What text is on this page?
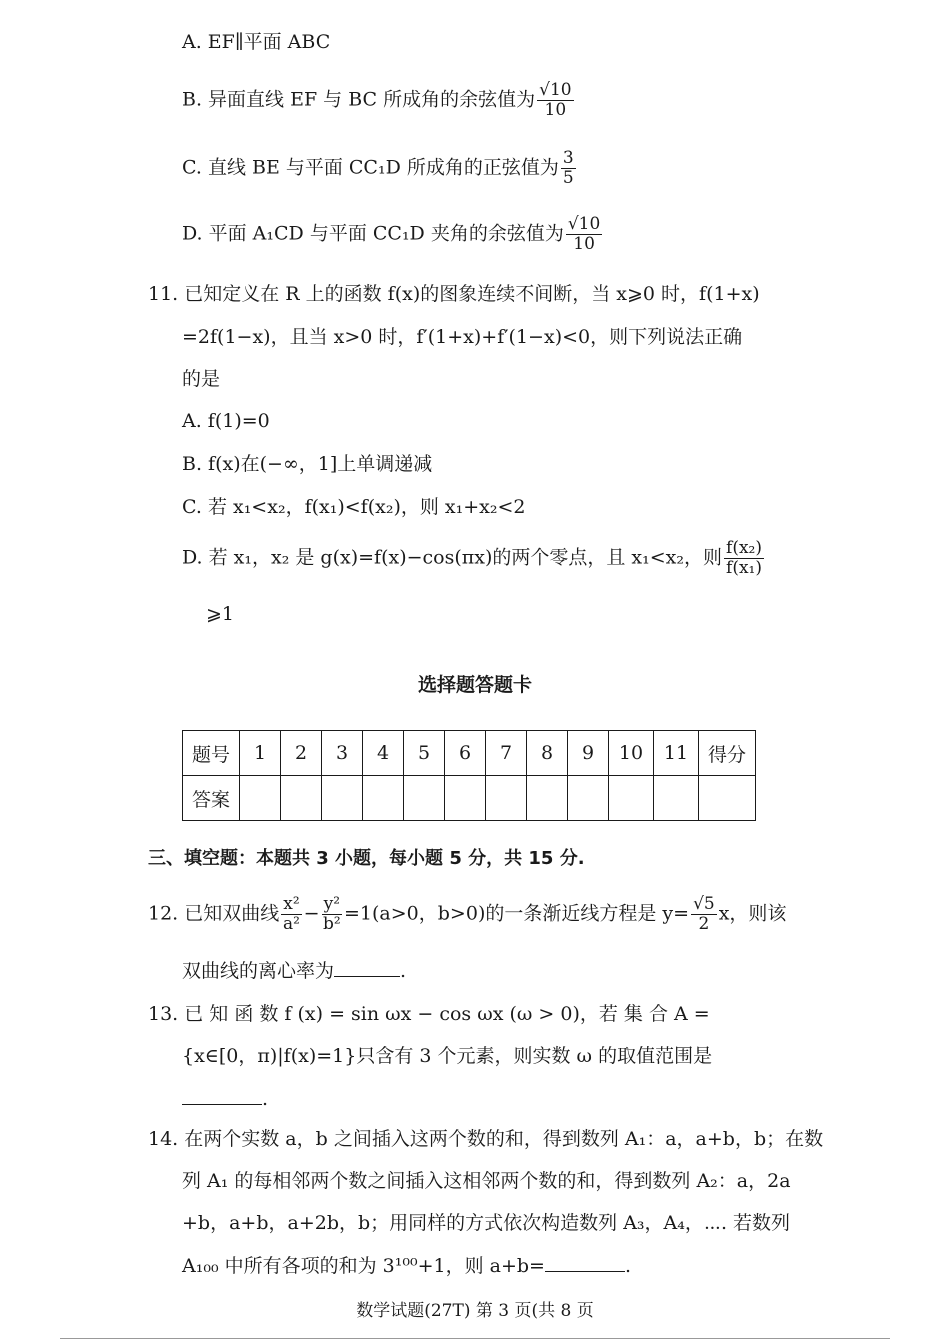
A. EF∥平面 ABC
B. 异面直线 EF 与 BC 所成角的余弦值为 $\frac{√10}{10}$
C. 直线 BE 与平面 CC₁D 所成角的正弦值为 $\frac{3}{5}$
D. 平面 A₁CD 与平面 CC₁D 夹角的余弦值为 $\frac{√10}{10}$
11. 已知定义在 R 上的函数 f(x)的图象连续不间断，当 x⩾0 时，f(1+x)
=2f(1−x)，且当 x>0 时，f′(1+x)+f′(1−x)<0，则下列说法正确
的是
A. f(1)=0
B. f(x)在(−∞，1]上单调递减
C. 若 x₁<x₂，f(x₁)<f(x₂)，则 x₁+x₂<2
D. 若 x₁，x₂ 是 g(x)=f(x)−cos(πx)的两个零点，且 x₁<x₂，则 $\frac{\text{f(x₂)}}{\text{f(x₁)}}$
⩾1
选择题答题卡
题号	1	2	3	4	5	6	7	8	9	10	11	得分
答案												
三、填空题：本题共 3 小题，每小题 5 分，共 15 分.
12. 已知双曲线 $\frac{\text{x²}}{\text{a²}} - \frac{\text{y²}}{\text{b²}} =1(a>0$，b>0)的一条渐近线方程是 $y= \frac{√5}{2}$ x，则该
双曲线的离心率为	.
13. 已 知 函 数 f (x) = sin ωx − cos ωx (ω > 0)，若 集 合 A =
{x∈[0，π)|f(x)=1}只含有 3 个元素，则实数 ω 的取值范围是
.
14. 在两个实数 a，b 之间插入这两个数的和，得到数列 A₁：a，a+b，b；在数
列 A₁ 的每相邻两个数之间插入这相邻两个数的和，得到数列 A₂：a，2a
+b，a+b，a+2b，b；用同样的方式依次构造数列 A₃，A₄，⋯. 若数列
A₁₀₀ 中所有各项的和为 3¹⁰⁰+1，则 a+b=	.
数学试题(27T) 第 3 页(共 8 页
